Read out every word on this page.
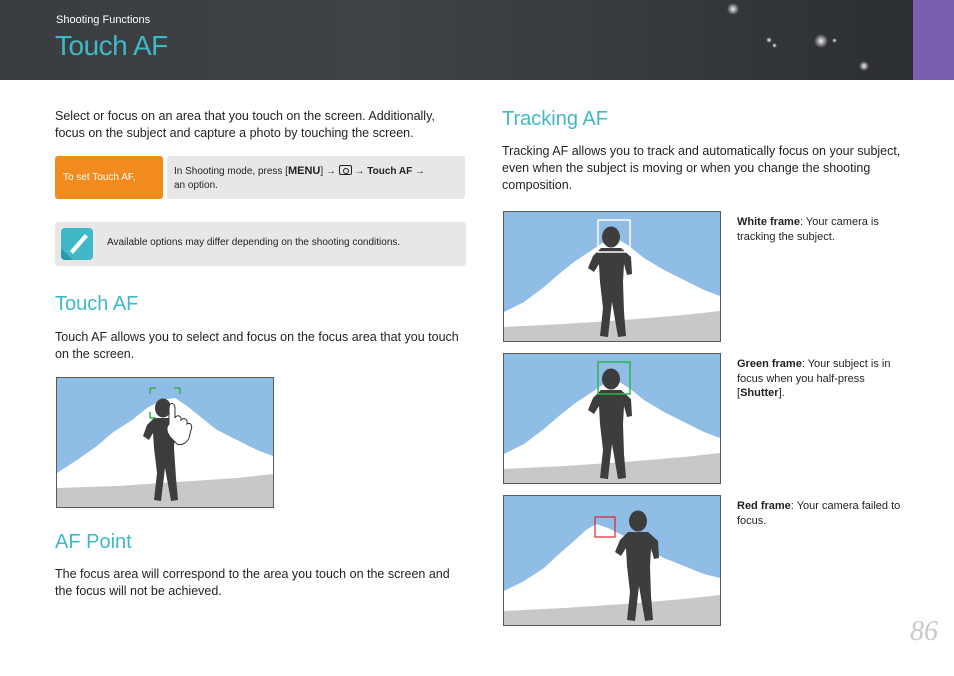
Shooting Functions
Touch AF

Select or focus on an area that you touch on the screen. Additionally, focus on the subject and capture a photo by touching the screen.

To set Touch AF,
In Shooting mode, press [MENU] →  → Touch AF →
an option.
Available options may differ depending on the shooting conditions.
Touch AF

Touch AF allows you to select and focus on the focus area that you touch on the screen.

AF Point

The focus area will correspond to the area you touch on the screen and the focus will not be achieved.

Tracking AF

Tracking AF allows you to track and automatically focus on your subject, even when the subject is moving or when you change the shooting composition.

White frame: Your camera is tracking the subject.
Green frame: Your subject is in focus when you half-press [Shutter].
Red frame: Your camera failed to focus.
86
